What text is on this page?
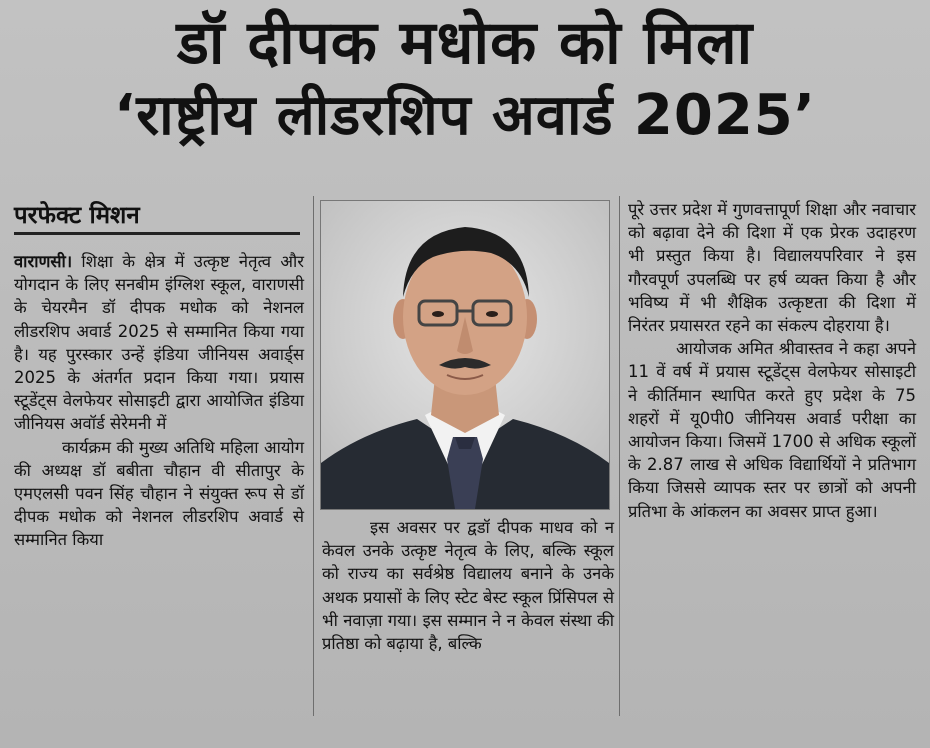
डॉ दीपक मधोक को मिला
‘राष्ट्रीय लीडरशिप अवार्ड 2025’
परफेक्ट मिशन

वाराणसी। शिक्षा के क्षेत्र में उत्कृष्ट नेतृत्व और योगदान के लिए सनबीम इंग्लिश स्कूल, वाराणसी के चेयरमैन डॉ दीपक मधोक को नेशनल लीडरशिप अवार्ड 2025 से सम्मानित किया गया है। यह पुरस्कार उन्हें इंडिया जीनियस अवार्ड्स 2025 के अंतर्गत प्रदान किया गया। प्रयास स्टूडेंट्स वेलफेयर सोसाइटी द्वारा आयोजित इंडिया जीनियस अवॉर्ड सेरेमनी में

कार्यक्रम की मुख्य अतिथि महिला आयोग की अध्यक्ष डॉ बबीता चौहान वी सीतापुर के एमएलसी पवन सिंह चौहान ने संयुक्त रूप से डॉ दीपक मधोक को नेशनल लीडरशिप अवार्ड से सम्मानित किया

इस अवसर पर द्वडॉ दीपक माधव को न केवल उनके उत्कृष्ट नेतृत्व के लिए, बल्कि स्कूल को राज्य का सर्वश्रेष्ठ विद्यालय बनाने के उनके अथक प्रयासों के लिए स्टेट बेस्ट स्कूल प्रिंसिपल से भी नवाज़ा गया। इस सम्मान ने न केवल संस्था की प्रतिष्ठा को बढ़ाया है, बल्कि

पूरे उत्तर प्रदेश में गुणवत्तापूर्ण शिक्षा और नवाचार को बढ़ावा देने की दिशा में एक प्रेरक उदाहरण भी प्रस्तुत किया है। विद्यालयपरिवार ने इस गौरवपूर्ण उपलब्धि पर हर्ष व्यक्त किया है और भविष्य में भी शैक्षिक उत्कृष्टता की दिशा में निरंतर प्रयासरत रहने का संकल्प दोहराया है।

आयोजक अमित श्रीवास्तव ने कहा अपने 11 वें वर्ष में प्रयास स्टूडेंट्स वेलफेयर सोसाइटी ने कीर्तिमान स्थापित करते हुए प्रदेश के 75 शहरों में यू0पी0 जीनियस अवार्ड परीक्षा का आयोजन किया। जिसमें 1700 से अधिक स्कूलों के 2.87 लाख से अधिक विद्यार्थियों ने प्रतिभाग किया जिससे व्यापक स्तर पर छात्रों को अपनी प्रतिभा के आंकलन का अवसर प्राप्त हुआ।
